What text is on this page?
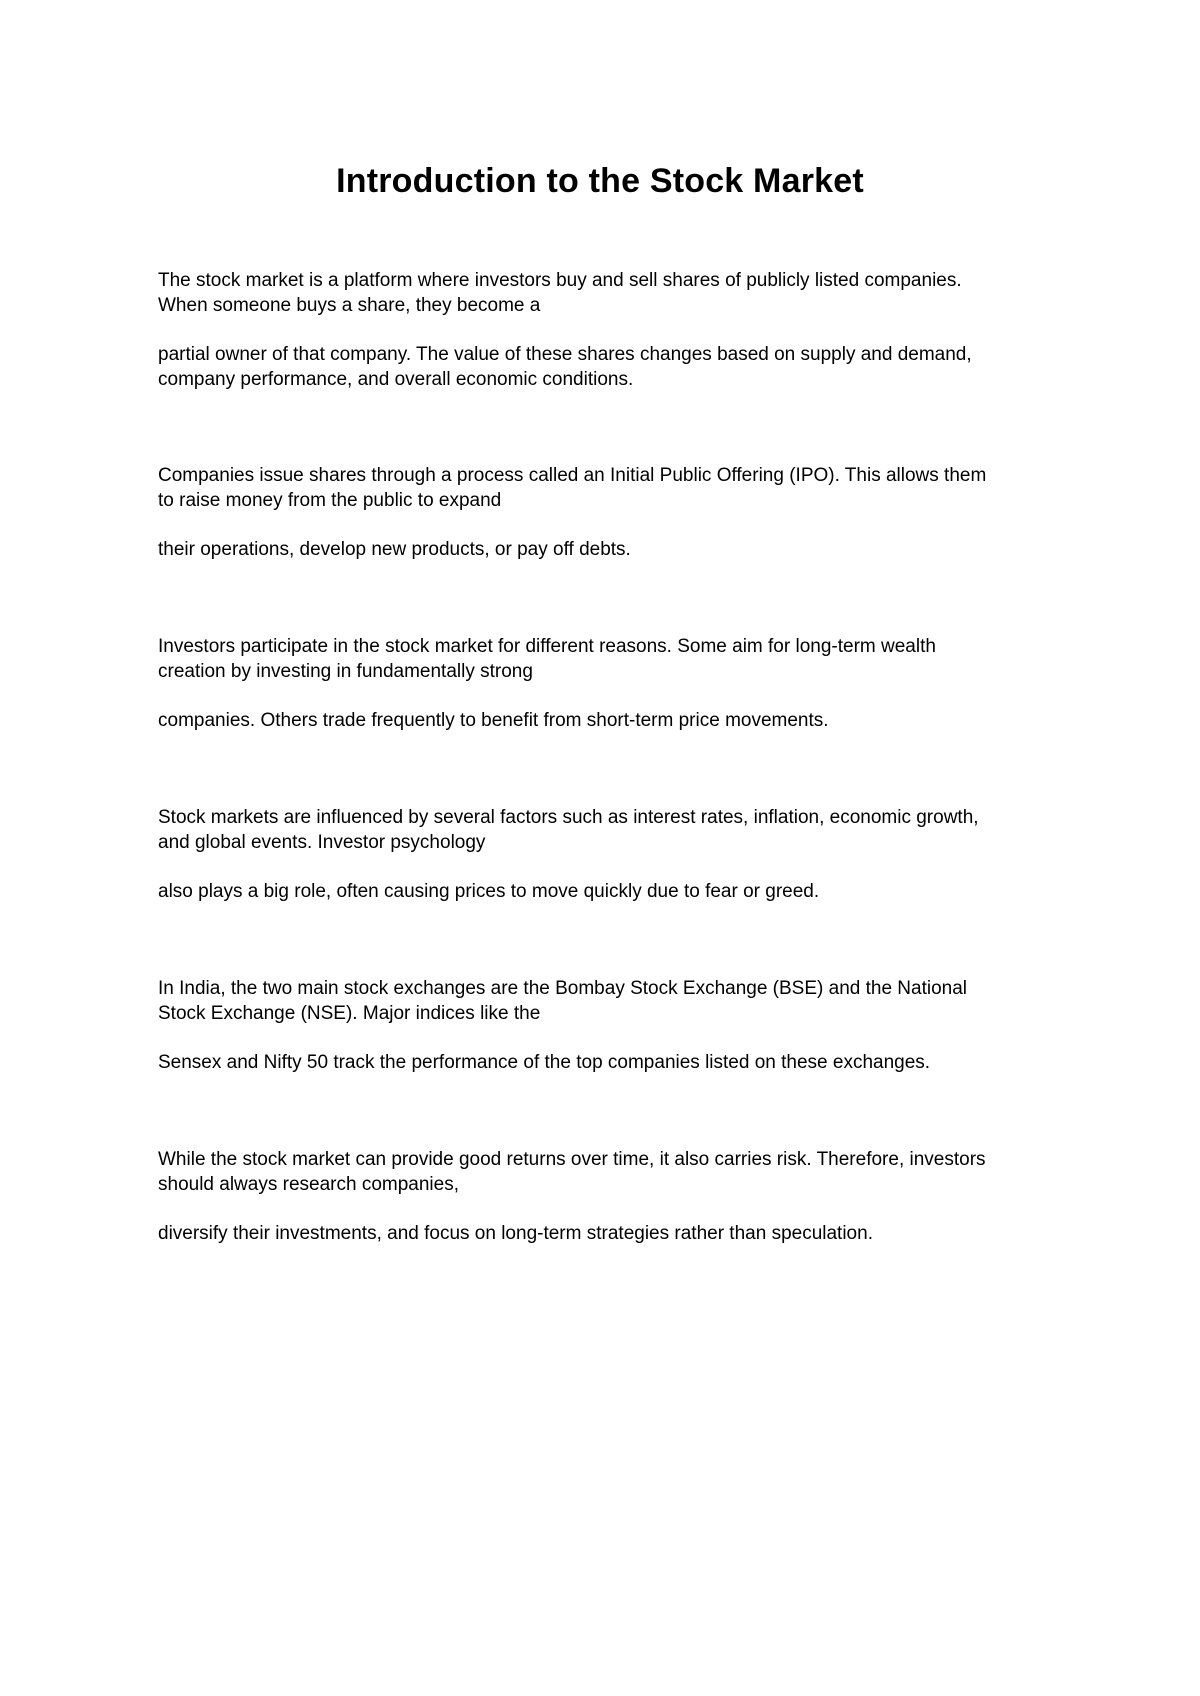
Introduction to the Stock Market

The stock market is a platform where investors buy and sell shares of publicly listed companies.
When someone buys a share, they become a

partial owner of that company. The value of these shares changes based on supply and demand,
company performance, and overall economic conditions.

Companies issue shares through a process called an Initial Public Offering (IPO). This allows them
to raise money from the public to expand

their operations, develop new products, or pay off debts.

Investors participate in the stock market for different reasons. Some aim for long-term wealth
creation by investing in fundamentally strong

companies. Others trade frequently to benefit from short-term price movements.

Stock markets are influenced by several factors such as interest rates, inflation, economic growth,
and global events. Investor psychology

also plays a big role, often causing prices to move quickly due to fear or greed.

In India, the two main stock exchanges are the Bombay Stock Exchange (BSE) and the National
Stock Exchange (NSE). Major indices like the

Sensex and Nifty 50 track the performance of the top companies listed on these exchanges.

While the stock market can provide good returns over time, it also carries risk. Therefore, investors
should always research companies,

diversify their investments, and focus on long-term strategies rather than speculation.
